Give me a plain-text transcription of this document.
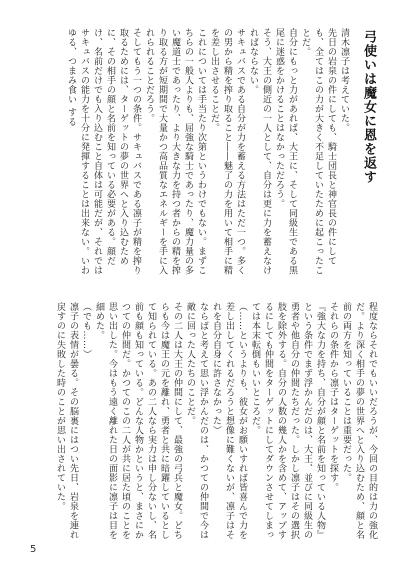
弓使いは魔女に恩を返す

清木凛子は考えていた。

先日の岩泉の件にしても、騎士団長と神官長の件にしても、全てはこの力が大きく不足していたために起こったことだ。

自分にもっと力があれば、大王に、そして同級生である黒尾に迷惑をかけることはなかっただろう。

そう、大王の側近の一人として、自分は更に力を蓄えなければならない。

サキュバスである自分が力を蓄える方法はただ一つ。多くの男から精を搾り取ること――魅了の力を用いて相手に精を差し出させることだ。

これについては手当たり次第というわけでもない。まずこちらの一般人よりも、屈強な騎士であったり、魔力量の多い魔道士であったり、より大きな力を持つ者からの精を搾り取る方が短期間で大量かつ高品質なエネルギーを手に入れられることだろう。

そしてもう一つの条件。サキュバスである凛子が精を搾り取るためには、ターゲットの夢の世界へと入り込むために、その相手の顔と名前を知っている必要がある。顔だけ、名前だけでも入り込むこと自体は可能だが、それではサキュバスの能力を十分に発揮することは出来ない。いわゆる、つまみ食い する

程度ならそれでもいいだろうが、今回の目的は力の強化だ。より深く相手の夢の世界へと入り込むため、顔と名前の両方を知っていることは重要だった。

それらの条件から凛子はターゲットを探す。

『強大な力を持ち、自分が顔と名前を知っている人物』という条件でまず浮かんだのは、大王、並びに同級生の勇者や他自分の仲間たちだった。しかし凛子はその選択肢を除外する。自分の人数の幾人かを含めて、アップするにしても仲間をターゲットにしてダウンさせてしまっては本末転倒もいいところだ。

（……というよりも、彼女がお願いすれば皆喜んで力を差し出してくれるだろうと想像に難くないが、凛子はそれを自分自身に許さなかった）

ならばと考えて思い浮かんだのは、かつての仲間で今は敵に回った人たちのことだ。

その二人は大王の仲間にして、最強の弓兵と魔女。どちらも今は魔王の元を離れ、勇者と共に暗躍しているとして知られている。あの二人なら実力は申し分ないし、名前も顔も知っている。どんな人物かというと、まさにかつての仲間だ。かつてのこの二人が共に居た頃のことを思い出した。今はもう遠く離れた日の面影に凛子は目を細めた。

（でも……）

凛子の表情が曇る。その脳裏にはつい先日、岩泉を連れ戻すのに失敗した時のことが思い出されていた。

5
